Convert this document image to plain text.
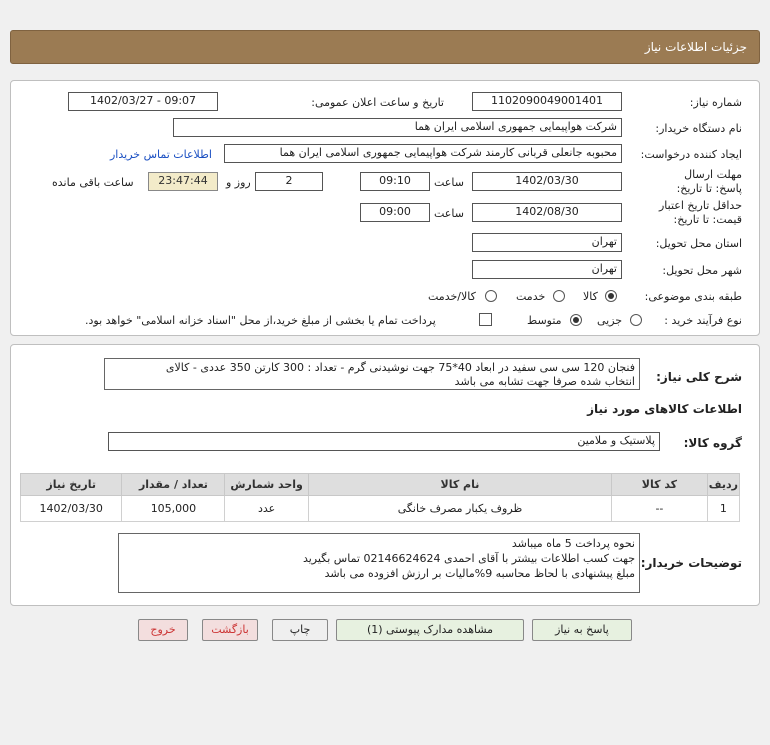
جزئیات اطلاعات نیاز
شماره نیاز:
1102090049001401
تاریخ و ساعت اعلان عمومی:
1402/03/27 - 09:07
نام دستگاه خریدار:
شرکت هواپیمایی جمهوری اسلامی ایران هما
ایجاد کننده درخواست:
محبوبه جانعلی قربانی کارمند شرکت هواپیمایی جمهوری اسلامی ایران هما
اطلاعات تماس خریدار
مهلت ارسال پاسخ: تا تاریخ:
1402/03/30
ساعت
09:10
2
روز و
23:47:44
ساعت باقی مانده
حداقل تاریخ اعتبار قیمت: تا تاریخ:
1402/08/30
ساعت
09:00
استان محل تحویل:
تهران
شهر محل تحویل:
تهران
طبقه بندی موضوعی:
کالا
خدمت
کالا/خدمت
نوع فرآیند خرید :
جزیی
متوسط
پرداخت تمام یا بخشی از مبلغ خرید،از محل "اسناد خزانه اسلامی" خواهد بود.
شرح کلی نیاز:
فنجان 120 سی سی سفید در ابعاد 40*75 جهت نوشیدنی گرم - تعداد : 300 کارتن 350 عددی - کالای
انتخاب شده صرفا جهت تشابه می باشد
اطلاعات کالاهای مورد نیاز
گروه کالا:
پلاستیک و ملامین
ردیف	کد کالا	نام کالا	واحد شمارش	تعداد / مقدار	تاریخ نیاز
1	--	ظروف یکبار مصرف خانگی	عدد	105,000	1402/03/30
توضیحات خریدار:
نحوه پرداخت 5 ماه میباشد
جهت کسب اطلاعات بیشتر با آقای احمدی 02146624624 تماس بگیرید
مبلغ پیشنهادی با لحاظ محاسبه 9%مالیات بر ارزش افزوده می باشد
پاسخ به نیاز
مشاهده مدارک پیوستی (1)
چاپ
بازگشت
خروج
